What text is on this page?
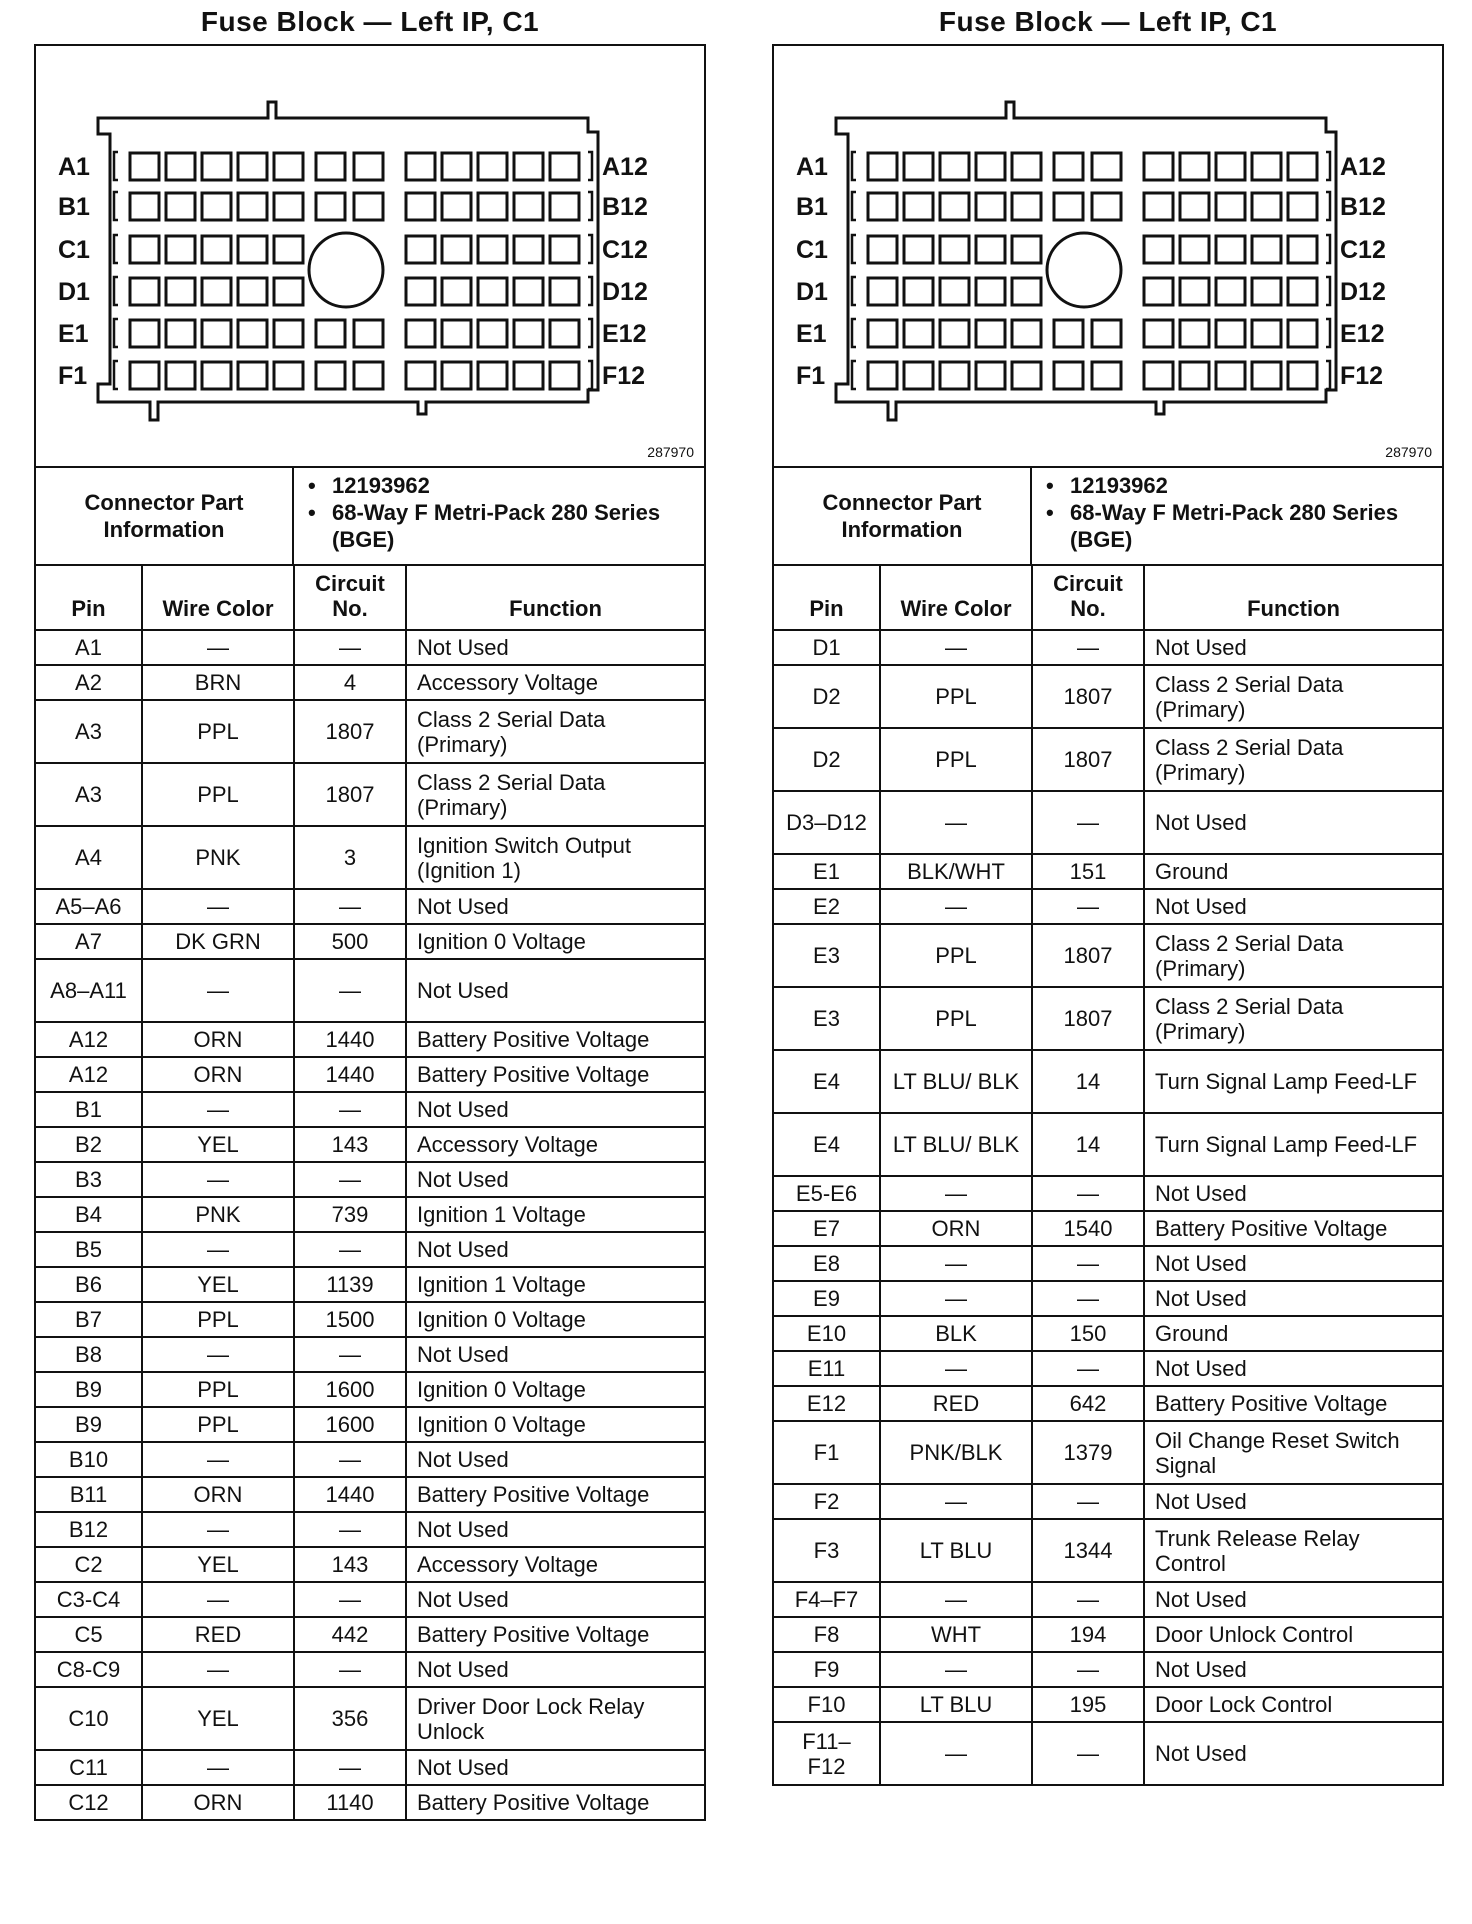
Fuse Block — Left IP, C1
A1	A12
B1	B12
C1	C12
D1	D12
E1	E12
F1	F12
287970
Connector Part Information
• 12193962
• 68-Way F Metri-Pack 280 Series (BGE)
Pin	Wire Color	Circuit No.	Function
A1	—	—	Not Used
A2	BRN	4	Accessory Voltage
A3	PPL	1807	Class 2 Serial Data (Primary)
A3	PPL	1807	Class 2 Serial Data (Primary)
A4	PNK	3	Ignition Switch Output (Ignition 1)
A5–A6	—	—	Not Used
A7	DK GRN	500	Ignition 0 Voltage
A8–A11	—	—	Not Used
A12	ORN	1440	Battery Positive Voltage
A12	ORN	1440	Battery Positive Voltage
B1	—	—	Not Used
B2	YEL	143	Accessory Voltage
B3	—	—	Not Used
B4	PNK	739	Ignition 1 Voltage
B5	—	—	Not Used
B6	YEL	1139	Ignition 1 Voltage
B7	PPL	1500	Ignition 0 Voltage
B8	—	—	Not Used
B9	PPL	1600	Ignition 0 Voltage
B9	PPL	1600	Ignition 0 Voltage
B10	—	—	Not Used
B11	ORN	1440	Battery Positive Voltage
B12	—	—	Not Used
C2	YEL	143	Accessory Voltage
C3-C4	—	—	Not Used
C5	RED	442	Battery Positive Voltage
C8-C9	—	—	Not Used
C10	YEL	356	Driver Door Lock Relay Unlock
C11	—	—	Not Used
C12	ORN	1140	Battery Positive Voltage
Fuse Block — Left IP, C1
A1	A12
B1	B12
C1	C12
D1	D12
E1	E12
F1	F12
287970
Connector Part Information
• 12193962
• 68-Way F Metri-Pack 280 Series (BGE)
Pin	Wire Color	Circuit No.	Function
D1	—	—	Not Used
D2	PPL	1807	Class 2 Serial Data (Primary)
D2	PPL	1807	Class 2 Serial Data (Primary)
D3–D12	—	—	Not Used
E1	BLK/WHT	151	Ground
E2	—	—	Not Used
E3	PPL	1807	Class 2 Serial Data (Primary)
E3	PPL	1807	Class 2 Serial Data (Primary)
E4	LT BLU/ BLK	14	Turn Signal Lamp Feed-LF
E4	LT BLU/ BLK	14	Turn Signal Lamp Feed-LF
E5-E6	—	—	Not Used
E7	ORN	1540	Battery Positive Voltage
E8	—	—	Not Used
E9	—	—	Not Used
E10	BLK	150	Ground
E11	—	—	Not Used
E12	RED	642	Battery Positive Voltage
F1	PNK/BLK	1379	Oil Change Reset Switch Signal
F2	—	—	Not Used
F3	LT BLU	1344	Trunk Release Relay Control
F4–F7	—	—	Not Used
F8	WHT	194	Door Unlock Control
F9	—	—	Not Used
F10	LT BLU	195	Door Lock Control
F11–F12	—	—	Not Used
